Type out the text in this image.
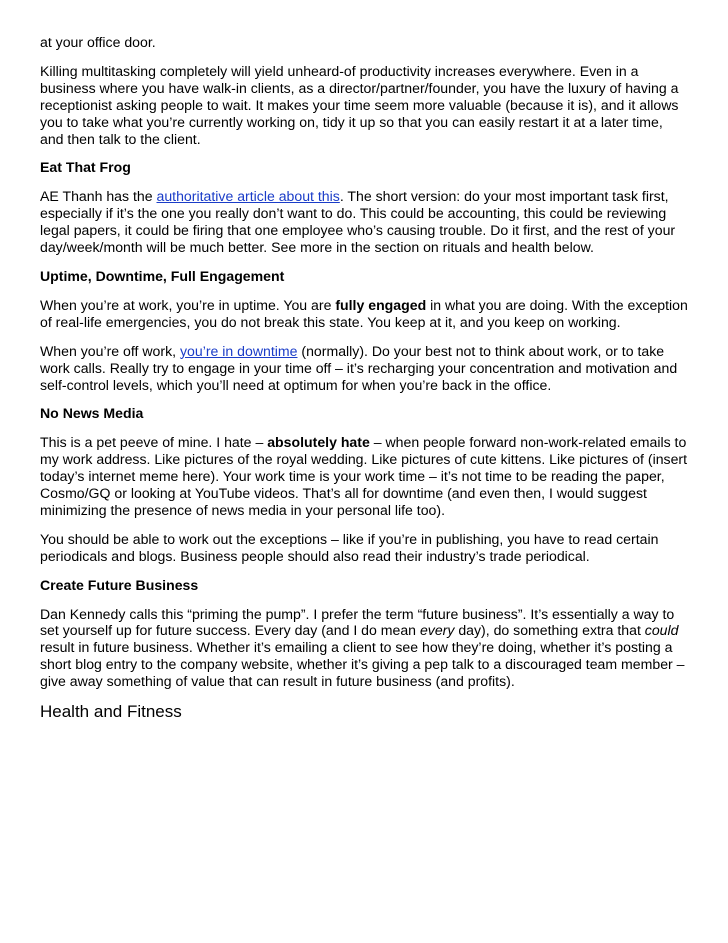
at your office door.

Killing multitasking completely will yield unheard-of productivity increases everywhere. Even in a business where you have walk-in clients, as a director/partner/founder, you have the luxury of having a receptionist asking people to wait. It makes your time seem more valuable (because it is), and it allows you to take what you’re currently working on, tidy it up so that you can easily restart it at a later time, and then talk to the client.

Eat That Frog

AE Thanh has the authoritative article about this. The short version: do your most important task first, especially if it’s the one you really don’t want to do. This could be accounting, this could be reviewing legal papers, it could be firing that one employee who’s causing trouble. Do it first, and the rest of your day/week/month will be much better. See more in the section on rituals and health below.

Uptime, Downtime, Full Engagement

When you’re at work, you’re in uptime. You are fully engaged in what you are doing. With the exception of real-life emergencies, you do not break this state. You keep at it, and you keep on working.

When you’re off work, you’re in downtime (normally). Do your best not to think about work, or to take work calls. Really try to engage in your time off – it’s recharging your concentration and motivation and self-control levels, which you’ll need at optimum for when you’re back in the office.

No News Media

This is a pet peeve of mine. I hate – absolutely hate – when people forward non-work-related emails to my work address. Like pictures of the royal wedding. Like pictures of cute kittens. Like pictures of (insert today’s internet meme here). Your work time is your work time – it’s not time to be reading the paper, Cosmo/GQ or looking at YouTube videos. That’s all for downtime (and even then, I would suggest minimizing the presence of news media in your personal life too).

You should be able to work out the exceptions – like if you’re in publishing, you have to read certain periodicals and blogs. Business people should also read their industry’s trade periodical.

Create Future Business

Dan Kennedy calls this “priming the pump”. I prefer the term “future business”. It’s essentially a way to set yourself up for future success. Every day (and I do mean every day), do something extra that could result in future business. Whether it’s emailing a client to see how they’re doing, whether it’s posting a short blog entry to the company website, whether it’s giving a pep talk to a discouraged team member – give away something of value that can result in future business (and profits).

Health and Fitness
